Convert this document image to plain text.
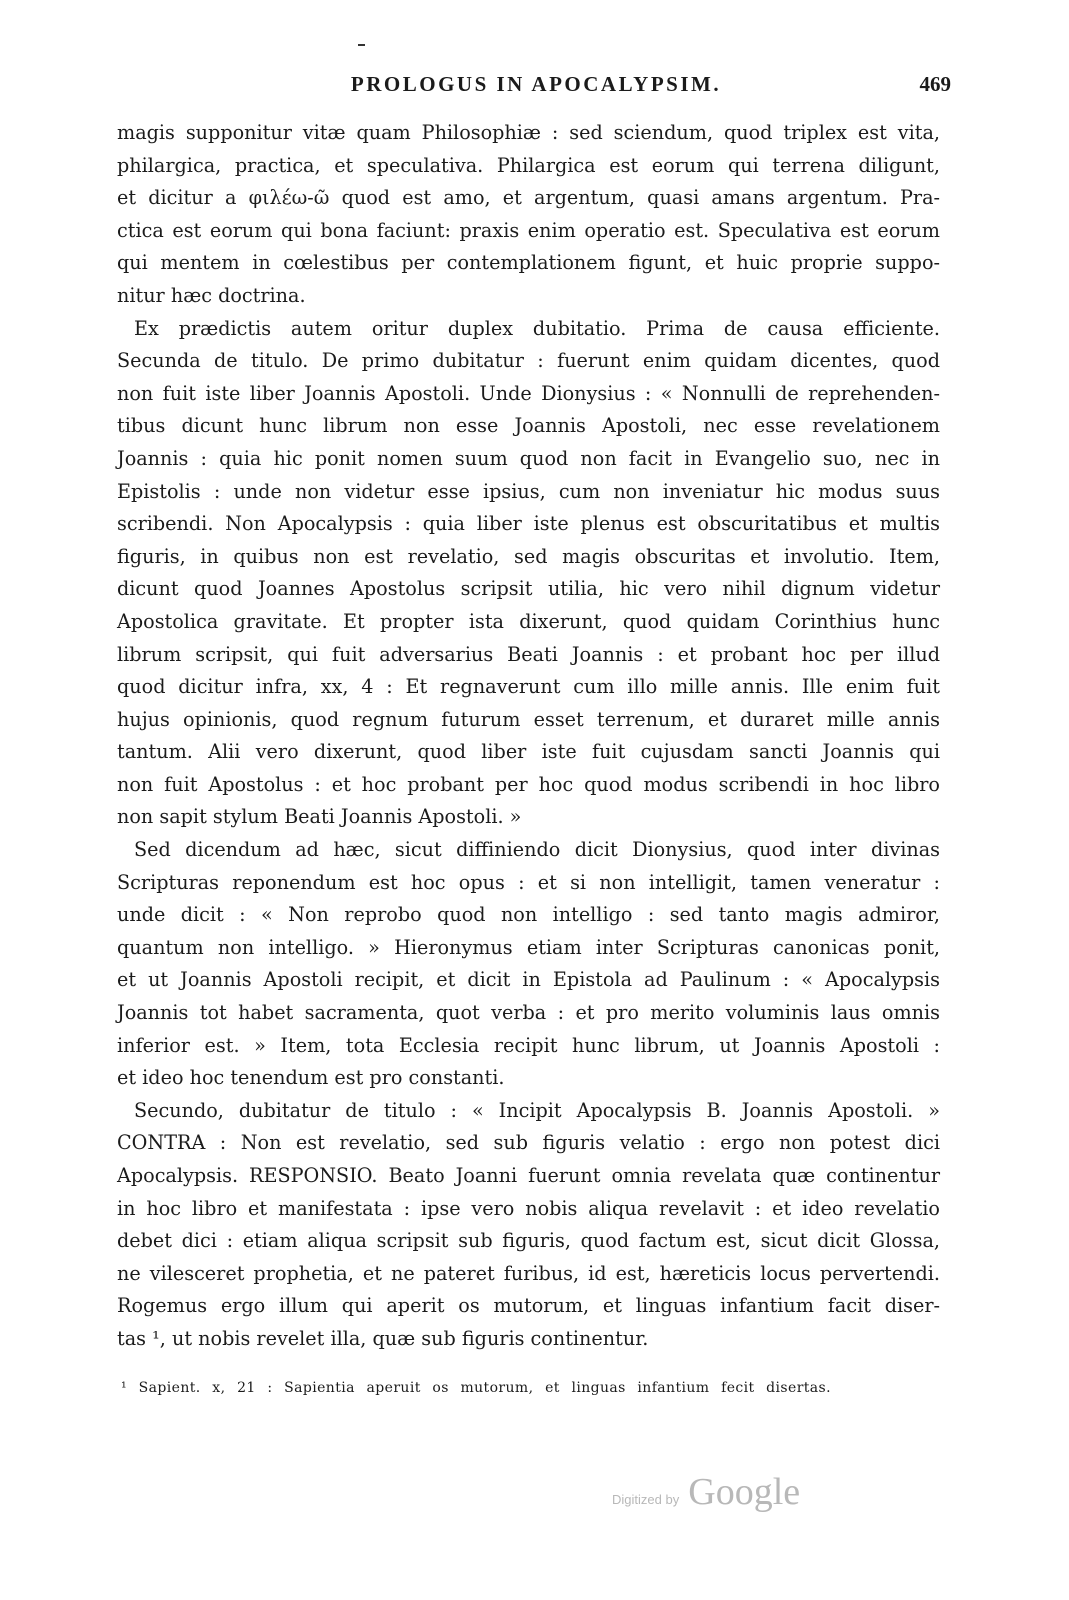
PROLOGUS IN APOCALYPSIM.	469
magis supponitur vitæ quam Philosophiæ : sed sciendum, quod triplex est vita,
philargica, practica, et speculativa. Philargica est eorum qui terrena diligunt,
et dicitur a φιλέω-ῶ quod est amo, et argentum, quasi amans argentum. Pra-
ctica est eorum qui bona faciunt: praxis enim operatio est. Speculativa est eorum
qui mentem in cœlestibus per contemplationem figunt, et huic proprie suppo-
nitur hæc doctrina.
Ex prædictis autem oritur duplex dubitatio. Prima de causa efficiente.
Secunda de titulo. De primo dubitatur : fuerunt enim quidam dicentes, quod
non fuit iste liber Joannis Apostoli. Unde Dionysius : « Nonnulli de reprehenden-
tibus dicunt hunc librum non esse Joannis Apostoli, nec esse revelationem
Joannis : quia hic ponit nomen suum quod non facit in Evangelio suo, nec in
Epistolis : unde non videtur esse ipsius, cum non inveniatur hic modus suus
scribendi. Non Apocalypsis : quia liber iste plenus est obscuritatibus et multis
figuris, in quibus non est revelatio, sed magis obscuritas et involutio. Item,
dicunt quod Joannes Apostolus scripsit utilia, hic vero nihil dignum videtur
Apostolica gravitate. Et propter ista dixerunt, quod quidam Corinthius hunc
librum scripsit, qui fuit adversarius Beati Joannis : et probant hoc per illud
quod dicitur infra, xx, 4 : Et regnaverunt cum illo mille annis. Ille enim fuit
hujus opinionis, quod regnum futurum esset terrenum, et duraret mille annis
tantum. Alii vero dixerunt, quod liber iste fuit cujusdam sancti Joannis qui
non fuit Apostolus : et hoc probant per hoc quod modus scribendi in hoc libro
non sapit stylum Beati Joannis Apostoli. »
Sed dicendum ad hæc, sicut diffiniendo dicit Dionysius, quod inter divinas
Scripturas reponendum est hoc opus : et si non intelligit, tamen veneratur :
unde dicit : « Non reprobo quod non intelligo : sed tanto magis admiror,
quantum non intelligo. » Hieronymus etiam inter Scripturas canonicas ponit,
et ut Joannis Apostoli recipit, et dicit in Epistola ad Paulinum : « Apocalypsis
Joannis tot habet sacramenta, quot verba : et pro merito voluminis laus omnis
inferior est. » Item, tota Ecclesia recipit hunc librum, ut Joannis Apostoli :
et ideo hoc tenendum est pro constanti.
Secundo, dubitatur de titulo : « Incipit Apocalypsis B. Joannis Apostoli. »
CONTRA : Non est revelatio, sed sub figuris velatio : ergo non potest dici
Apocalypsis. RESPONSIO. Beato Joanni fuerunt omnia revelata quæ continentur
in hoc libro et manifestata : ipse vero nobis aliqua revelavit : et ideo revelatio
debet dici : etiam aliqua scripsit sub figuris, quod factum est, sicut dicit Glossa,
ne vilesceret prophetia, et ne pateret furibus, id est, hæreticis locus pervertendi.
Rogemus ergo illum qui aperit os mutorum, et linguas infantium facit diser-
tas ¹, ut nobis revelet illa, quæ sub figuris continentur.
¹ Sapient. x, 21 : Sapientia aperuit os mutorum, et linguas infantium fecit disertas.
Digitized by Google
